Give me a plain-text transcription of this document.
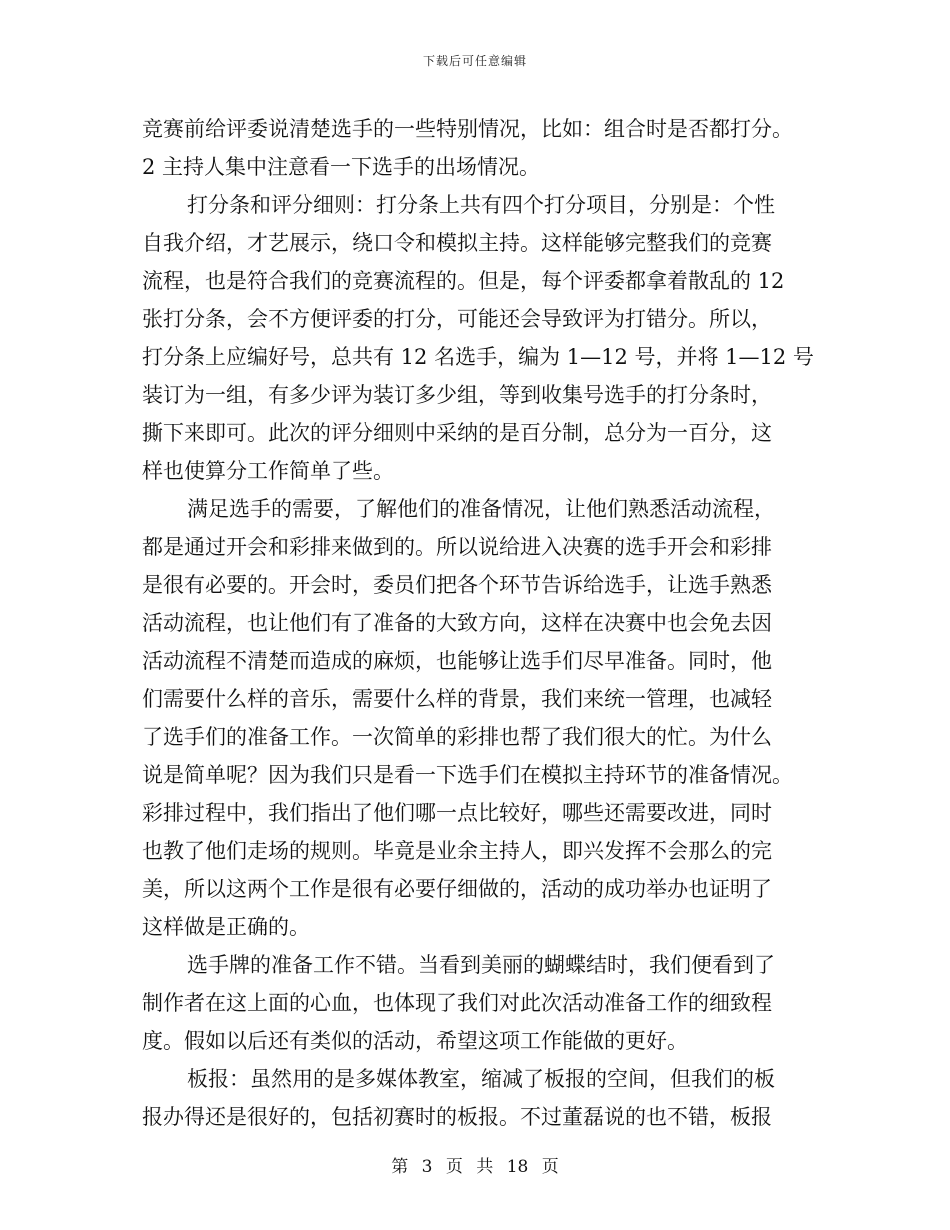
下载后可任意编辑
竞赛前给评委说清楚选手的一些特别情况，比如：组合时是否都打分。
2 主持人集中注意看一下选手的出场情况。
打分条和评分细则：打分条上共有四个打分项目，分别是：个性
自我介绍，才艺展示，绕口令和模拟主持。这样能够完整我们的竞赛
流程，也是符合我们的竞赛流程的。但是，每个评委都拿着散乱的 12
张打分条，会不方便评委的打分，可能还会导致评为打错分。所以，
打分条上应编好号，总共有 12 名选手，编为 1—12 号，并将 1—12 号
装订为一组，有多少评为装订多少组，等到收集号选手的打分条时，
撕下来即可。此次的评分细则中采纳的是百分制，总分为一百分，这
样也使算分工作简单了些。
满足选手的需要，了解他们的准备情况，让他们熟悉活动流程，
都是通过开会和彩排来做到的。所以说给进入决赛的选手开会和彩排
是很有必要的。开会时，委员们把各个环节告诉给选手，让选手熟悉
活动流程，也让他们有了准备的大致方向，这样在决赛中也会免去因
活动流程不清楚而造成的麻烦，也能够让选手们尽早准备。同时，他
们需要什么样的音乐，需要什么样的背景，我们来统一管理，也减轻
了选手们的准备工作。一次简单的彩排也帮了我们很大的忙。为什么
说是简单呢？因为我们只是看一下选手们在模拟主持环节的准备情况。
彩排过程中，我们指出了他们哪一点比较好，哪些还需要改进，同时
也教了他们走场的规则。毕竟是业余主持人，即兴发挥不会那么的完
美，所以这两个工作是很有必要仔细做的，活动的成功举办也证明了
这样做是正确的。
选手牌的准备工作不错。当看到美丽的蝴蝶结时，我们便看到了
制作者在这上面的心血，也体现了我们对此次活动准备工作的细致程
度。假如以后还有类似的活动，希望这项工作能做的更好。
板报：虽然用的是多媒体教室，缩减了板报的空间，但我们的板
报办得还是很好的，包括初赛时的板报。不过董磊说的也不错，板报
第 3 页 共 18 页
